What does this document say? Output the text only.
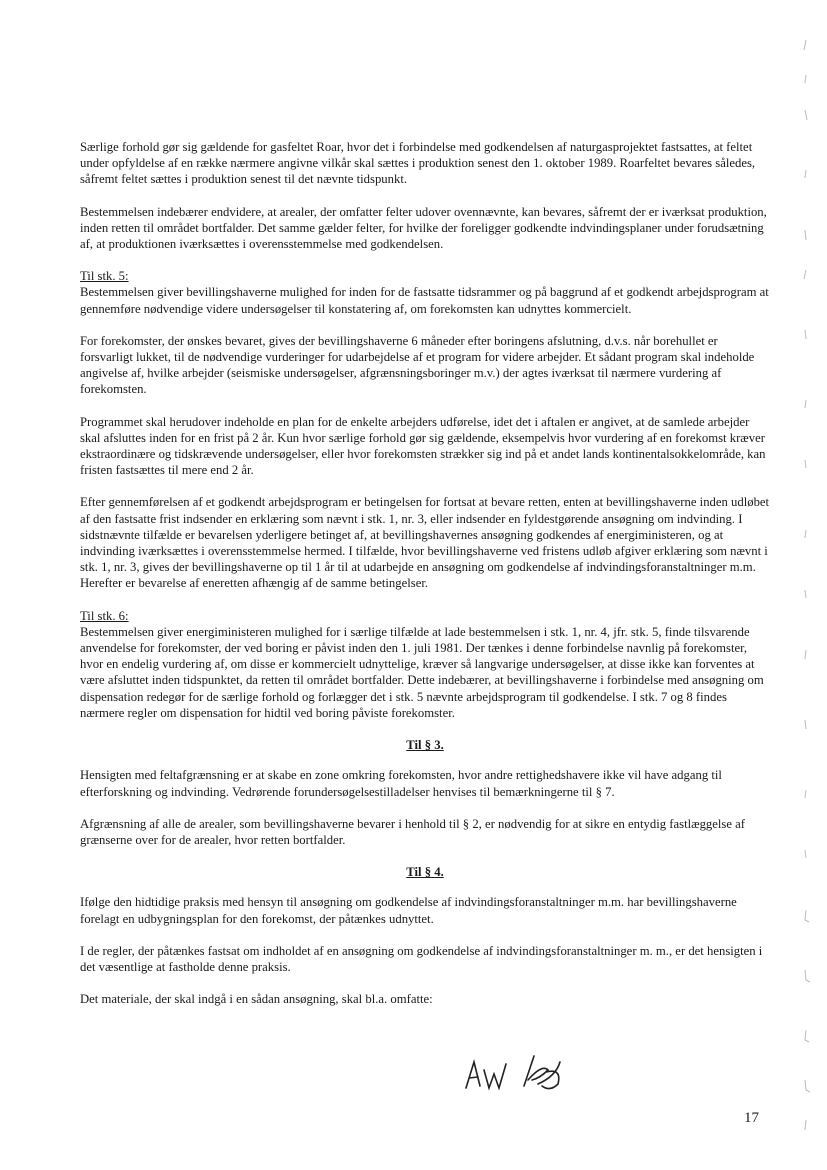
Særlige forhold gør sig gældende for gasfeltet Roar, hvor det i forbindelse med godkendelsen af naturgasprojektet fastsattes, at feltet under opfyldelse af en række nærmere angivne vilkår skal sættes i produktion senest den 1. oktober 1989. Roarfeltet bevares således, såfremt feltet sættes i produktion senest til det nævnte tidspunkt.

Bestemmelsen indebærer endvidere, at arealer, der omfatter felter udover ovennævnte, kan bevares, såfremt der er iværksat produktion, inden retten til området bortfalder. Det samme gælder felter, for hvilke der foreligger godkendte indvindingsplaner under forudsætning af, at produktionen iværksættes i overensstemmelse med godkendelsen.

Til stk. 5:

Bestemmelsen giver bevillingshaverne mulighed for inden for de fastsatte tidsrammer og på baggrund af et godkendt arbejdsprogram at gennemføre nødvendige videre undersøgelser til konstatering af, om forekomsten kan udnyttes kommercielt.

For forekomster, der ønskes bevaret, gives der bevillingshaverne 6 måneder efter boringens afslutning, d.v.s. når borehullet er forsvarligt lukket, til de nødvendige vurderinger for udarbejdelse af et program for videre arbejder. Et sådant program skal indeholde angivelse af, hvilke arbejder (seismiske undersøgelser, afgrænsningsboringer m.v.) der agtes iværksat til nærmere vurdering af forekomsten.

Programmet skal herudover indeholde en plan for de enkelte arbejders udførelse, idet det i aftalen er angivet, at de samlede arbejder skal afsluttes inden for en frist på 2 år. Kun hvor særlige forhold gør sig gældende, eksempelvis hvor vurdering af en forekomst kræver ekstraordinære og tidskrævende undersøgelser, eller hvor forekomsten strækker sig ind på et andet lands kontinentalsokkelområde, kan fristen fastsættes til mere end 2 år.

Efter gennemførelsen af et godkendt arbejdsprogram er betingelsen for fortsat at bevare retten, enten at bevillingshaverne inden udløbet af den fastsatte frist indsender en erklæring som nævnt i stk. 1, nr. 3, eller indsender en fyldestgørende ansøgning om indvinding. I sidstnævnte tilfælde er bevarelsen yderligere betinget af, at bevillingshavernes ansøgning godkendes af energiministeren, og at indvinding iværksættes i overensstemmelse hermed. I tilfælde, hvor bevillingshaverne ved fristens udløb afgiver erklæring som nævnt i stk. 1, nr. 3, gives der bevillingshaverne op til 1 år til at udarbejde en ansøgning om godkendelse af indvindingsforanstaltninger m.m. Herefter er bevarelse af eneretten afhængig af de samme betingelser.

Til stk. 6:

Bestemmelsen giver energiministeren mulighed for i særlige tilfælde at lade bestemmelsen i stk. 1, nr. 4, jfr. stk. 5, finde tilsvarende anvendelse for forekomster, der ved boring er påvist inden den 1. juli 1981. Der tænkes i denne forbindelse navnlig på forekomster, hvor en endelig vurdering af, om disse er kommercielt udnyttelige, kræver så langvarige undersøgelser, at disse ikke kan forventes at være afsluttet inden tidspunktet, da retten til området bortfalder. Dette indebærer, at bevillingshaverne i forbindelse med ansøgning om dispensation redegør for de særlige forhold og forlægger det i stk. 5 nævnte arbejdsprogram til godkendelse. I stk. 7 og 8 findes nærmere regler om dispensation for hidtil ved boring påviste forekomster.

Til § 3.

Hensigten med feltafgrænsning er at skabe en zone omkring forekomsten, hvor andre rettighedshavere ikke vil have adgang til efterforskning og indvinding. Vedrørende forundersøgelsestilladelser henvises til bemærkningerne til § 7.

Afgrænsning af alle de arealer, som bevillingshaverne bevarer i henhold til § 2, er nødvendig for at sikre en entydig fastlæggelse af grænserne over for de arealer, hvor retten bortfalder.

Til § 4.

Ifølge den hidtidige praksis med hensyn til ansøgning om godkendelse af indvindingsforanstaltninger m.m. har bevillingshaverne forelagt en udbygningsplan for den forekomst, der påtænkes udnyttet.

I de regler, der påtænkes fastsat om indholdet af en ansøgning om godkendelse af indvindingsforanstaltninger m. m., er det hensigten i det væsentlige at fastholde denne praksis.

Det materiale, der skal indgå i en sådan ansøgning, skal bl.a. omfatte:

17
